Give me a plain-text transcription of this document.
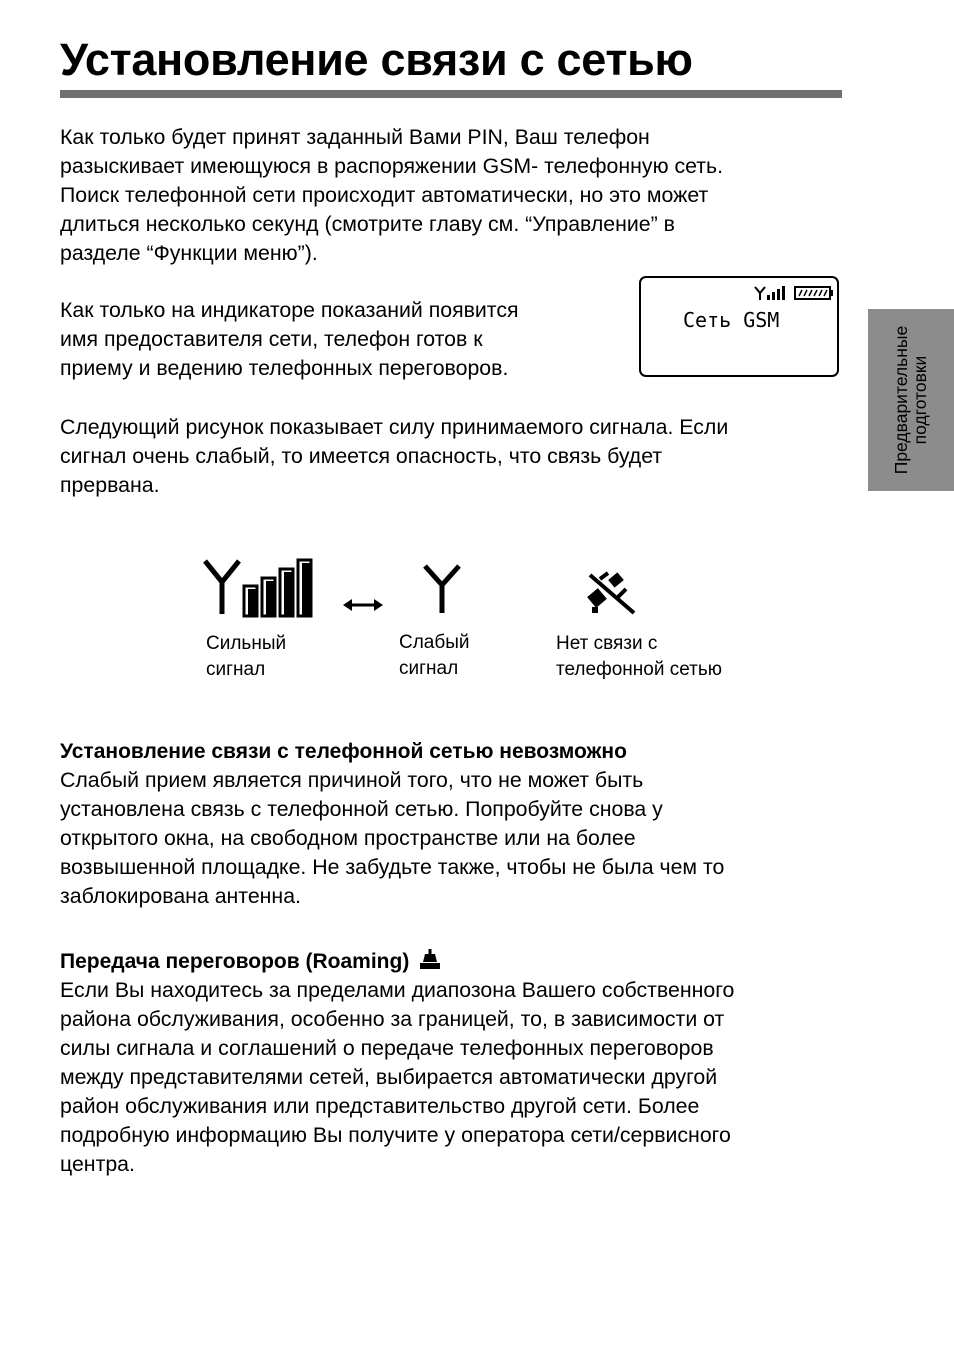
Установление связи с сетью

Как только будет принят заданный Вами PIN, Ваш телефон
разыскивает имеющуюся в распоряжении GSM- телефонную сеть.
Поиск телефонной сети происходит автоматически, но это может
длиться несколько секунд (смотрите главу см. “Управление” в
разделе “Функции меню”).

Как только на индикаторе показаний появится
имя предоставителя сети, телефон готов к
приему и ведению телефонных переговоров.

Сеть GSM
Предварительные
подготовки

Следующий рисунок показывает силу принимаемого сигнала. Если
сигнал очень слабый, то имеется опасность, что связь будет
прервана.

Сильный
сигнал

Слабый
сигнал

Нет связи с
телефонной сетью

Установление связи с телефонной сетью невозможно

Слабый прием является причиной того, что не может быть
установлена связь с телефонной сетью. Попробуйте снова у
открытого окна, на свободном пространстве или на более
возвышенной площадке. Не забудьте также, чтобы не была чем то
заблокирована антенна.

Передача переговоров (Roaming)

Если Вы находитесь за пределами диапозона Вашего собственного
района обслуживания, особенно за границей, то, в зависимости от
силы сигнала и соглашений о передаче телефонных переговоров
между представителями сетей, выбирается автоматически другой
район обслуживания или представительство другой сети. Более
подробную информацию Вы получите у оператора сети/сервисного
центра.
